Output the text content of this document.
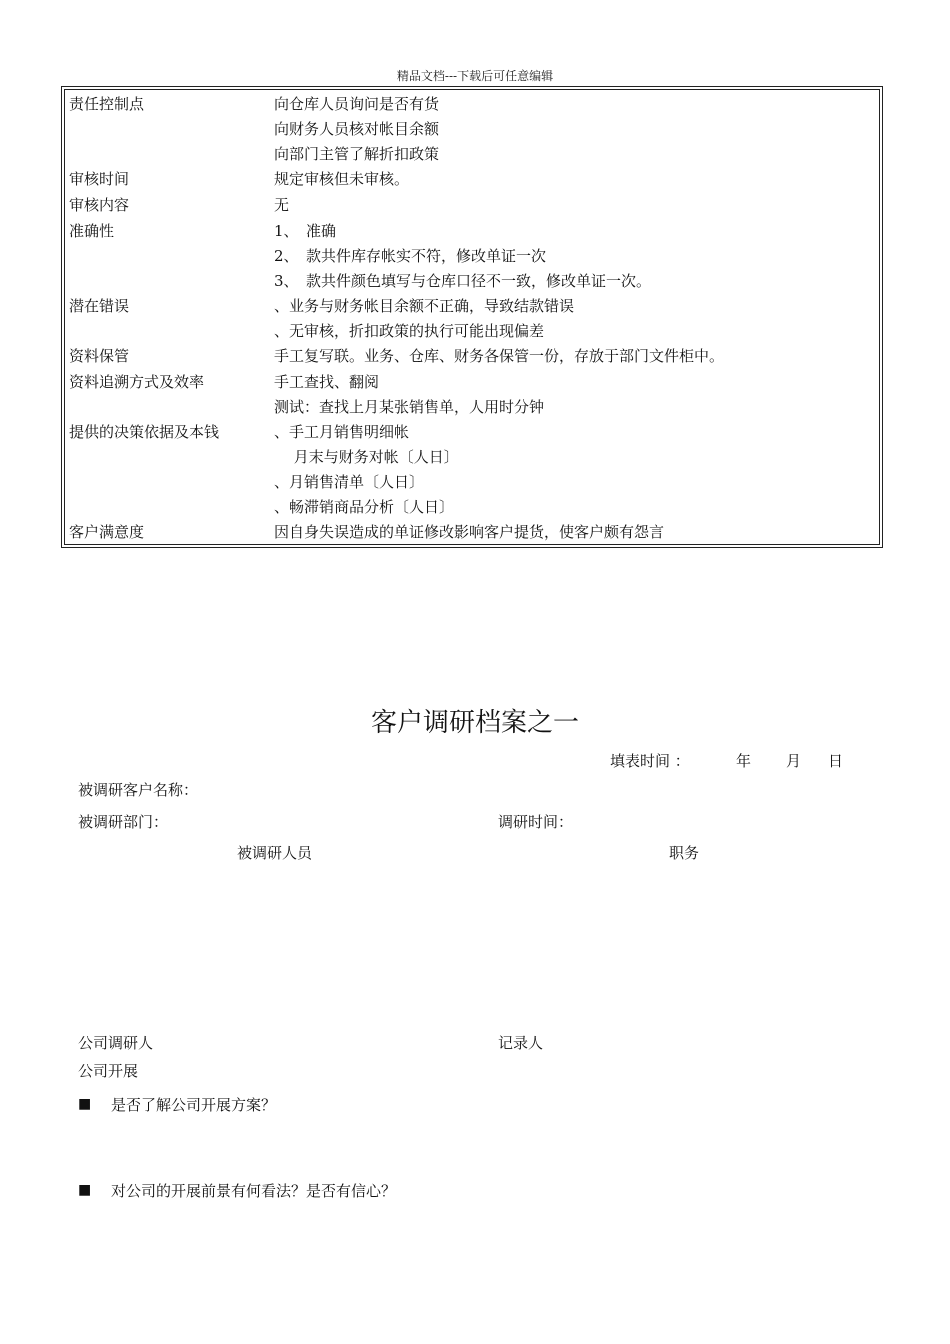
精品文档---下载后可任意编辑
责任控制点	向仓库人员询问是否有货
向财务人员核对帐目余额
向部门主管了解折扣政策
审核时间	规定审核但未审核。
审核内容	无
准确性	1、　准确
2、　款共件库存帐实不符，修改单证一次
3、　款共件颜色填写与仓库口径不一致，修改单证一次。
潜在错误	、业务与财务帐目余额不正确，导致结款错误
、无审核，折扣政策的执行可能出现偏差
资料保管	手工复写联。业务、仓库、财务各保管一份，存放于部门文件柜中。
资料追溯方式及效率	手工查找、翻阅
测试：查找上月某张销售单，人用时分钟
提供的决策依据及本钱	、手工月销售明细帐
　 月末与财务对帐〔人日〕
、月销售清单〔人日〕
、畅滞销商品分析〔人日〕
客户满意度	因自身失误造成的单证修改影响客户提货，使客户颇有怨言
客户调研档案之一
填表时间 ：	年 月 日
被调研客户名称：
被调研部门：	调研时间：
被调研人员	职务
公司调研人	记录人
公司开展
■ 是否了解公司开展方案？
■ 对公司的开展前景有何看法？是否有信心？
